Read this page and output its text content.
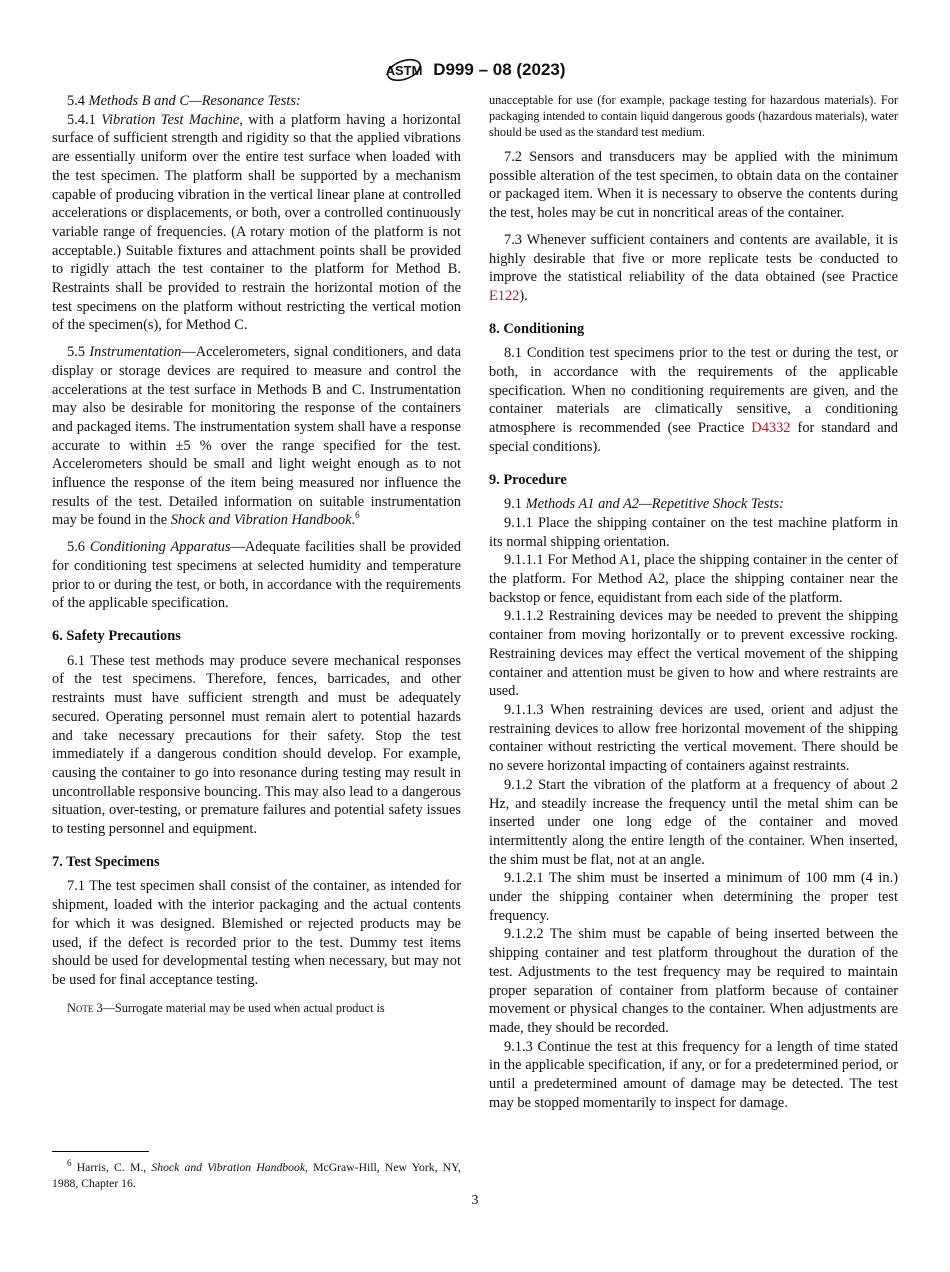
ASTM D999 – 08 (2023)

5.4 Methods B and C—Resonance Tests:

5.4.1 Vibration Test Machine, with a platform having a horizontal surface of sufficient strength and rigidity so that the applied vibrations are essentially uniform over the entire test surface when loaded with the test specimen. The platform shall be supported by a mechanism capable of producing vibration in the vertical linear plane at controlled accelerations or displacements, or both, over a controlled continuously variable range of frequencies. (A rotary motion of the platform is not acceptable.) Suitable fixtures and attachment points shall be provided to rigidly attach the test container to the platform for Method B. Restraints shall be provided to restrain the horizontal motion of the test specimens on the platform without restricting the vertical motion of the specimen(s), for Method C.

5.5 Instrumentation—Accelerometers, signal conditioners, and data display or storage devices are required to measure and control the accelerations at the test surface in Methods B and C. Instrumentation may also be desirable for monitoring the response of the containers and packaged items. The instrumentation system shall have a response accurate to within ±5 % over the range specified for the test. Accelerometers should be small and light weight enough as to not influence the response of the item being measured nor influence the results of the test. Detailed information on suitable instrumentation may be found in the Shock and Vibration Handbook.$^6$

5.6 Conditioning Apparatus—Adequate facilities shall be provided for conditioning test specimens at selected humidity and temperature prior to or during the test, or both, in accordance with the requirements of the applicable specification.

6. Safety Precautions

6.1 These test methods may produce severe mechanical responses of the test specimens. Therefore, fences, barricades, and other restraints must have sufficient strength and must be adequately secured. Operating personnel must remain alert to potential hazards and take necessary precautions for their safety. Stop the test immediately if a dangerous condition should develop. For example, causing the container to go into resonance during testing may result in uncontrollable responsive bouncing. This may also lead to a dangerous situation, over-testing, or premature failures and potential safety issues to testing personnel and equipment.

7. Test Specimens

7.1 The test specimen shall consist of the container, as intended for shipment, loaded with the interior packaging and the actual contents for which it was designed. Blemished or rejected products may be used, if the defect is recorded prior to the test. Dummy test items should be used for developmental testing when necessary, but may not be used for final acceptance testing.

Note 3—Surrogate material may be used when actual product is

unacceptable for use (for example, package testing for hazardous materials). For packaging intended to contain liquid dangerous goods (hazardous materials), water should be used as the standard test medium.

7.2 Sensors and transducers may be applied with the minimum possible alteration of the test specimen, to obtain data on the container or packaged item. When it is necessary to observe the contents during the test, holes may be cut in noncritical areas of the container.

7.3 Whenever sufficient containers and contents are available, it is highly desirable that five or more replicate tests be conducted to improve the statistical reliability of the data obtained (see Practice E122).

8. Conditioning

8.1 Condition test specimens prior to the test or during the test, or both, in accordance with the requirements of the applicable specification. When no conditioning requirements are given, and the container materials are climatically sensitive, a conditioning atmosphere is recommended (see Practice D4332 for standard and special conditions).

9. Procedure

9.1 Methods A1 and A2—Repetitive Shock Tests:

9.1.1 Place the shipping container on the test machine platform in its normal shipping orientation.

9.1.1.1 For Method A1, place the shipping container in the center of the platform. For Method A2, place the shipping container near the backstop or fence, equidistant from each side of the platform.

9.1.1.2 Restraining devices may be needed to prevent the shipping container from moving horizontally or to prevent excessive rocking. Restraining devices may effect the vertical movement of the shipping container and attention must be given to how and where restraints are used.

9.1.1.3 When restraining devices are used, orient and adjust the restraining devices to allow free horizontal movement of the shipping container without restricting the vertical movement. There should be no severe horizontal impacting of containers against restraints.

9.1.2 Start the vibration of the platform at a frequency of about 2 Hz, and steadily increase the frequency until the metal shim can be inserted under one long edge of the container and moved intermittently along the entire length of the container. When inserted, the shim must be flat, not at an angle.

9.1.2.1 The shim must be inserted a minimum of 100 mm (4 in.) under the shipping container when determining the proper test frequency.

9.1.2.2 The shim must be capable of being inserted between the shipping container and test platform throughout the duration of the test. Adjustments to the test frequency may be required to maintain proper separation of container from platform because of container movement or physical changes to the container. When adjustments are made, they should be recorded.

9.1.3 Continue the test at this frequency for a length of time stated in the applicable specification, if any, or for a predetermined period, or until a predetermined amount of damage may be detected. The test may be stopped momentarily to inspect for damage.

$^6$ Harris, C. M., Shock and Vibration Handbook, McGraw-Hill, New York, NY, 1988, Chapter 16.
3
